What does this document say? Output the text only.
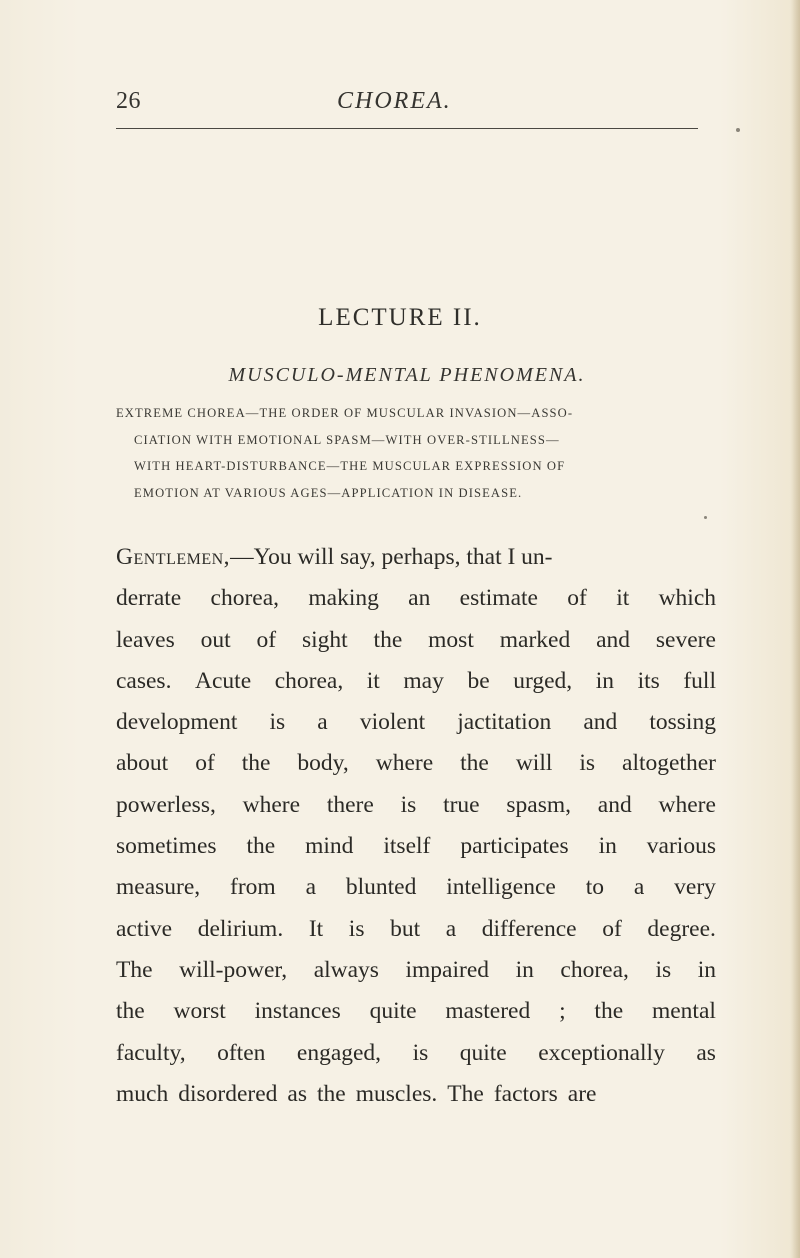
26	CHOREA.
LECTURE II.
MUSCULO-MENTAL PHENOMENA.
EXTREME CHOREA—THE ORDER OF MUSCULAR INVASION—ASSO-
CIATION WITH EMOTIONAL SPASM—WITH OVER-STILLNESS—
WITH HEART-DISTURBANCE—THE MUSCULAR EXPRESSION OF
EMOTION AT VARIOUS AGES—APPLICATION IN DISEASE.
Gentlemen,—You will say, perhaps, that I un-
derrate chorea, making an estimate of it which
leaves out of sight the most marked and severe
cases. Acute chorea, it may be urged, in its full
development is a violent jactitation and tossing
about of the body, where the will is altogether
powerless, where there is true spasm, and where
sometimes the mind itself participates in various
measure, from a blunted intelligence to a very
active delirium. It is but a difference of degree.
The will-power, always impaired in chorea, is in
the worst instances quite mastered ; the mental
faculty, often engaged, is quite exceptionally as
much disordered as the muscles. The factors are
